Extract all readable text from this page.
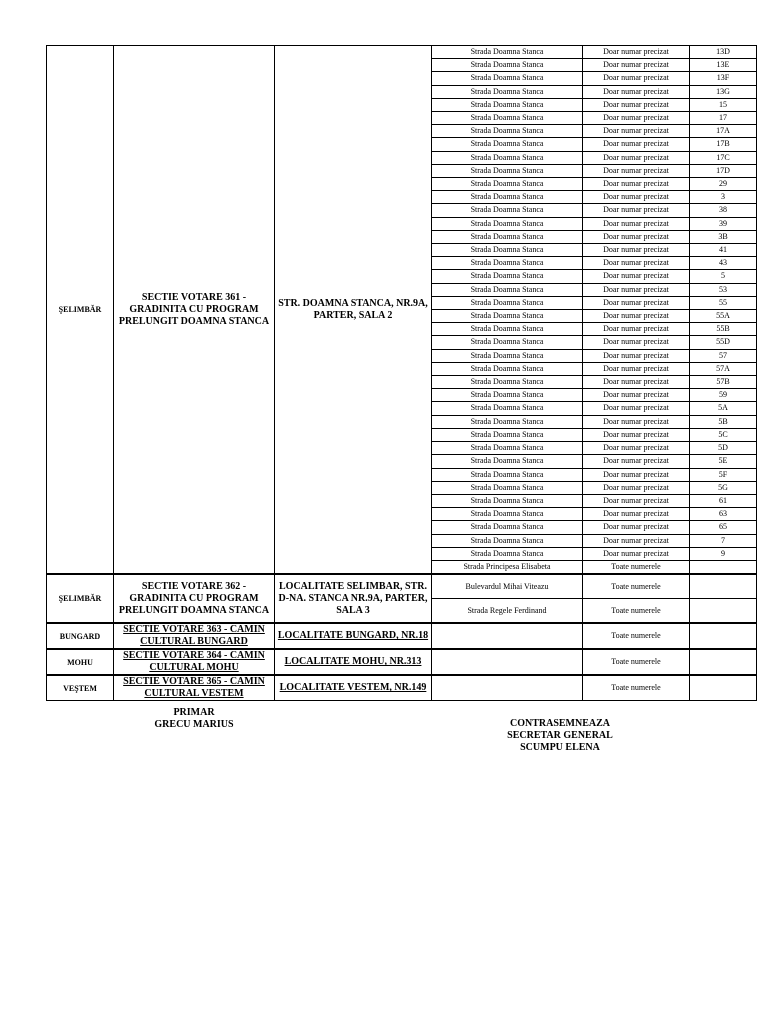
ŞELIMBĂR	SECTIE VOTARE 361 - GRADINITA CU PROGRAM PRELUNGIT DOAMNA STANCA	STR. DOAMNA STANCA, NR.9A, PARTER, SALA 2	Strada Doamna Stanca	Doar numar precizat	13D
			Strada Doamna Stanca	Doar numar precizat	13E
			Strada Doamna Stanca	Doar numar precizat	13F
			Strada Doamna Stanca	Doar numar precizat	13G
			Strada Doamna Stanca	Doar numar precizat	15
			Strada Doamna Stanca	Doar numar precizat	17
			Strada Doamna Stanca	Doar numar precizat	17A
			Strada Doamna Stanca	Doar numar precizat	17B
			Strada Doamna Stanca	Doar numar precizat	17C
			Strada Doamna Stanca	Doar numar precizat	17D
			Strada Doamna Stanca	Doar numar precizat	29
			Strada Doamna Stanca	Doar numar precizat	3
			Strada Doamna Stanca	Doar numar precizat	38
			Strada Doamna Stanca	Doar numar precizat	39
			Strada Doamna Stanca	Doar numar precizat	3B
			Strada Doamna Stanca	Doar numar precizat	41
			Strada Doamna Stanca	Doar numar precizat	43
			Strada Doamna Stanca	Doar numar precizat	5
			Strada Doamna Stanca	Doar numar precizat	53
			Strada Doamna Stanca	Doar numar precizat	55
			Strada Doamna Stanca	Doar numar precizat	55A
			Strada Doamna Stanca	Doar numar precizat	55B
			Strada Doamna Stanca	Doar numar precizat	55D
			Strada Doamna Stanca	Doar numar precizat	57
			Strada Doamna Stanca	Doar numar precizat	57A
			Strada Doamna Stanca	Doar numar precizat	57B
			Strada Doamna Stanca	Doar numar precizat	59
			Strada Doamna Stanca	Doar numar precizat	5A
			Strada Doamna Stanca	Doar numar precizat	5B
			Strada Doamna Stanca	Doar numar precizat	5C
			Strada Doamna Stanca	Doar numar precizat	5D
			Strada Doamna Stanca	Doar numar precizat	5E
			Strada Doamna Stanca	Doar numar precizat	5F
			Strada Doamna Stanca	Doar numar precizat	5G
			Strada Doamna Stanca	Doar numar precizat	61
			Strada Doamna Stanca	Doar numar precizat	63
			Strada Doamna Stanca	Doar numar precizat	65
			Strada Doamna Stanca	Doar numar precizat	7
			Strada Doamna Stanca	Doar numar precizat	9
			Strada Principesa Elisabeta	Toate numerele	
ŞELIMBĂR	SECTIE VOTARE 362 - GRADINITA CU PROGRAM PRELUNGIT DOAMNA STANCA	LOCALITATE SELIMBAR, STR. D-NA. STANCA NR.9A, PARTER, SALA 3	Bulevardul Mihai Viteazu	Toate numerele	
			Strada Regele Ferdinand	Toate numerele	
BUNGARD	SECTIE VOTARE 363 - CAMIN CULTURAL BUNGARD	LOCALITATE BUNGARD, NR.18		Toate numerele	
MOHU	SECTIE VOTARE 364 - CAMIN CULTURAL MOHU	LOCALITATE MOHU, NR.313		Toate numerele	
VEŞTEM	SECTIE VOTARE 365 - CAMIN CULTURAL VESTEM	LOCALITATE VESTEM, NR.149		Toate numerele	
PRIMAR
GRECU MARIUS	CONTRASEMNEAZA
SECRETAR GENERAL
SCUMPU ELENA
